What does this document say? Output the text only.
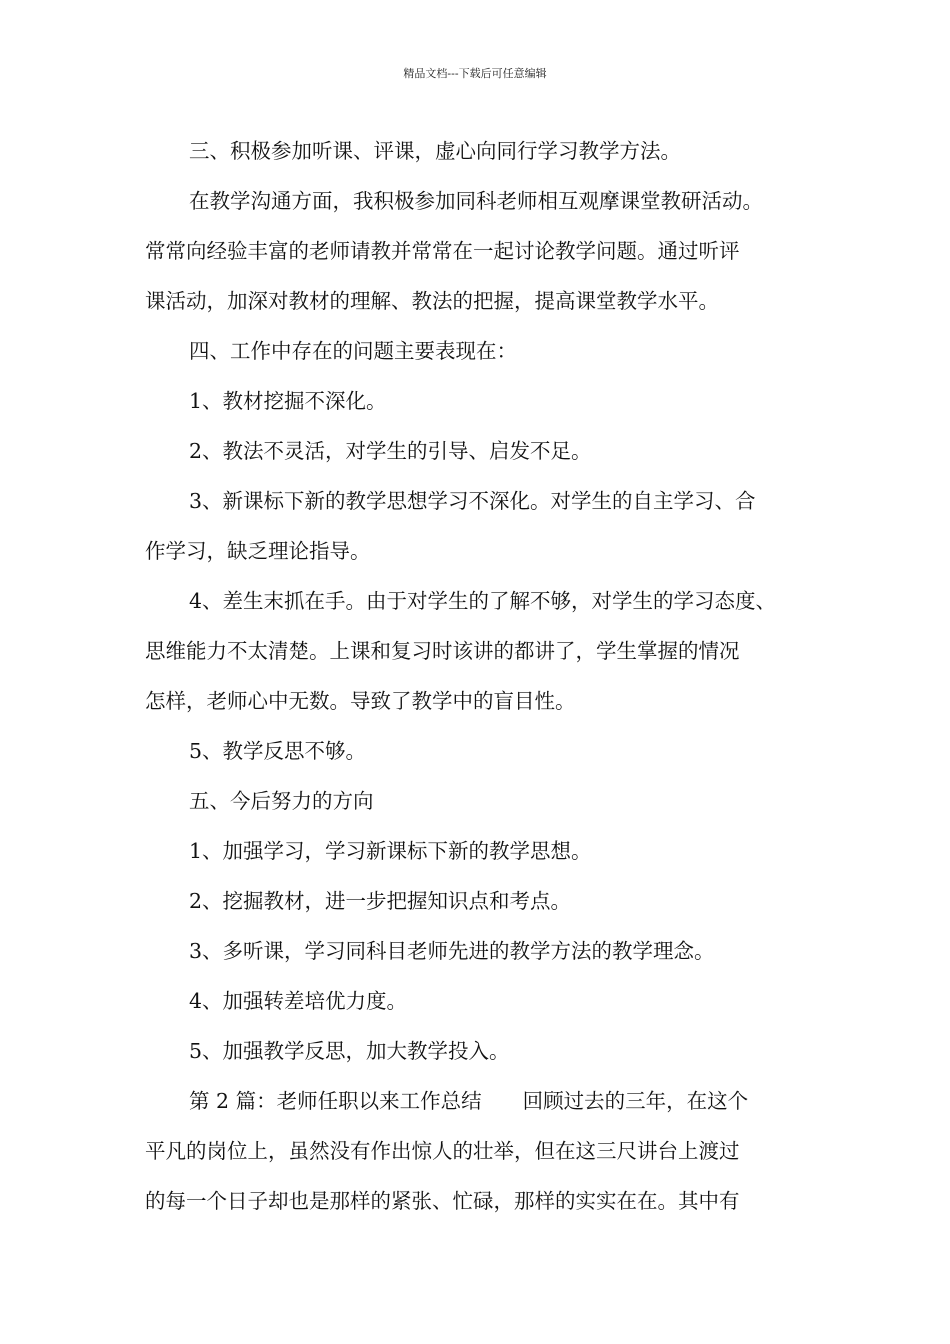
精品文档---下载后可任意编辑
三、积极参加听课、评课，虚心向同行学习教学方法。
在教学沟通方面，我积极参加同科老师相互观摩课堂教研活动。
常常向经验丰富的老师请教并常常在一起讨论教学问题。通过听评
课活动，加深对教材的理解、教法的把握，提高课堂教学水平。
四、工作中存在的问题主要表现在：
1、教材挖掘不深化。
2、教法不灵活，对学生的引导、启发不足。
3、新课标下新的教学思想学习不深化。对学生的自主学习、合
作学习，缺乏理论指导。
4、差生末抓在手。由于对学生的了解不够，对学生的学习态度、
思维能力不太清楚。上课和复习时该讲的都讲了，学生掌握的情况
怎样，老师心中无数。导致了教学中的盲目性。
5、教学反思不够。
五、今后努力的方向
1、加强学习，学习新课标下新的教学思想。
2、挖掘教材，进一步把握知识点和考点。
3、多听课，学习同科目老师先进的教学方法的教学理念。
4、加强转差培优力度。
5、加强教学反思，加大教学投入。
第 2 篇：老师任职以来工作总结　　回顾过去的三年，在这个
平凡的岗位上，虽然没有作出惊人的壮举，但在这三尺讲台上渡过
的每一个日子却也是那样的紧张、忙碌，那样的实实在在。其中有
